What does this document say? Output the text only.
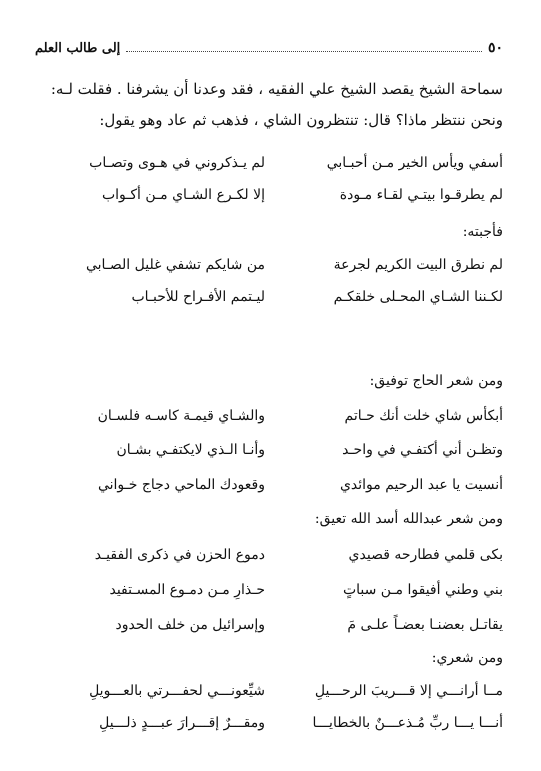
٥٠
إلى طالب العلم
سماحة الشيخ يقصد الشيخ علي الفقيه ، فقد وعدنا أن يشرفنا . فقلت لـه:
ونحن ننتظر ماذا؟ قال: تنتظرون الشاي ، فذهب ثم عاد وهو يقول:
أسفي ويأس الخير مـن أحبـابي
لم يـذكروني في هـوى وتصـاب
لم يطرقـوا بيتـي لقـاء مـودة
إلا لكـرع الشـاي مـن أكـواب
فأجبته:
لم نطرق البيت الكريم لجرعة
من شايكم تشفي غليل الصـابي
لكـننا الشـاي المحـلى خلقكـم
ليـتمم الأفـراح للأحبـاب
ومن شعر الحاج توفيق:
أبكأس شاي خلت أنك حـاتم
والشـاي قيمـة كاسـه فلسـان
وتظـن أني أكتفـي في واحـد
وأنـا الـذي لايكتفـي بشـان
أنسيت يا عبد الرحيم موائدي
وقعودك الماحي دجاج خـواني
ومن شعر عبدالله أسد الله تعيق:
بكى قلمي فطارحه قصيدي
دموع الحزن في ذكرى الفقيـد
بني وطني أفيقوا مـن سباتٍ
حـذارِ مـن دمـوع المسـتفيد
يقاتـل بعضنـا بعضـاً علـى مَ
وإسرائيل من خلف الحدود
ومن شعري:
مــا أرانـــي إلا قـــريبَ الرحـــيلِ
شيِّعونـــي لحفـــرتي بالعـــويلِ
أنـــا يـــا ربِّ مُـذعـــنٌ بالخطايـــا
ومقـــرٌ إقـــرارَ عبـــدٍ ذلـــيلِ
